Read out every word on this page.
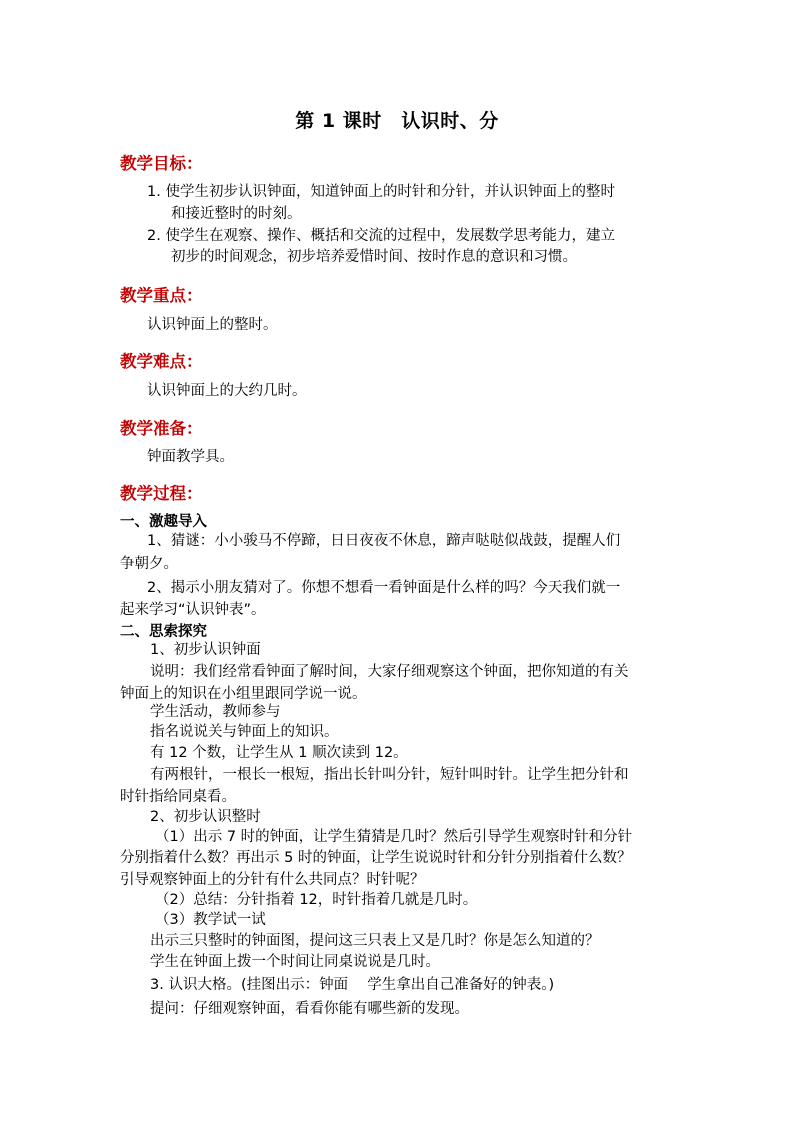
第 1 课时　认识时、分
教学目标：
1. 使学生初步认识钟面，知道钟面上的时针和分针，并认识钟面上的整时
和接近整时的时刻。
2. 使学生在观察、操作、概括和交流的过程中，发展数学思考能力，建立
初步的时间观念，初步培养爱惜时间、按时作息的意识和习惯。
教学重点：
认识钟面上的整时。
教学难点：
认识钟面上的大约几时。
教学准备：
钟面教学具。
教学过程：
一、激趣导入
1、猜谜：小小骏马不停蹄，日日夜夜不休息，蹄声哒哒似战鼓，提醒人们
争朝夕。
2、揭示小朋友猜对了。你想不想看一看钟面是什么样的吗？今天我们就一
起来学习“认识钟表”。
二、思索探究
1、初步认识钟面
说明：我们经常看钟面了解时间，大家仔细观察这个钟面，把你知道的有关
钟面上的知识在小组里跟同学说一说。
学生活动，教师参与
指名说说关与钟面上的知识。
有 12 个数，让学生从 1 顺次读到 12。
有两根针，一根长一根短，指出长针叫分针，短针叫时针。让学生把分针和
时针指给同桌看。
2、初步认识整时
（1）出示 7 时的钟面，让学生猜猜是几时？然后引导学生观察时针和分针
分别指着什么数？再出示 5 时的钟面，让学生说说时针和分针分别指着什么数？
引导观察钟面上的分针有什么共同点？时针呢？
（2）总结：分针指着 12，时针指着几就是几时。
（3）教学试一试
出示三只整时的钟面图，提问这三只表上又是几时？你是怎么知道的？
学生在钟面上拨一个时间让同桌说说是几时。
3. 认识大格。(挂图出示：钟面　 学生拿出自己准备好的钟表。)
提问：仔细观察钟面，看看你能有哪些新的发现。
